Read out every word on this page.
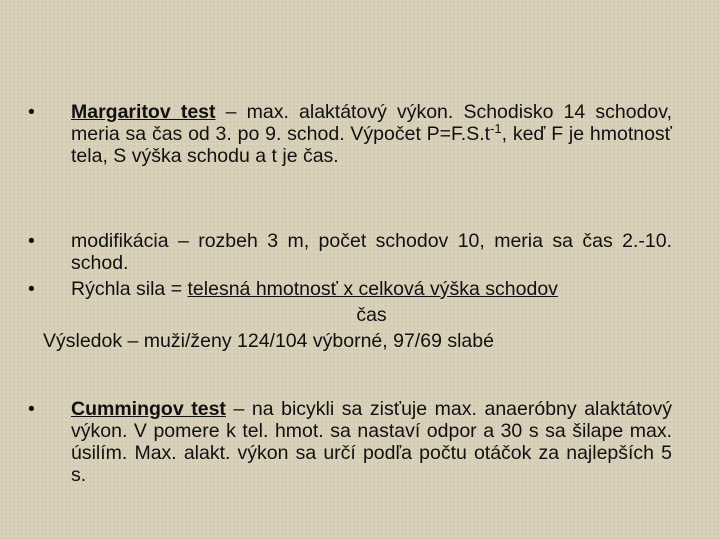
• Margaritov test – max. alaktátový výkon. Schodisko 14 schodov, meria sa čas od 3. po 9. schod. Výpočet $P=F.S.t^{-1}$, keď F je hmotnosť tela, S výška schodu a t je čas.
• modifikácia – rozbeh 3 m, počet schodov 10, meria sa čas 2.-10. schod.
• Rýchla sila = telesná hmotnosť x celková výška schodov
čas
Výsledok – muži/ženy 124/104 výborné, 97/69 slabé
• Cummingov test – na bicykli sa zisťuje max. anaeróbny alaktátový výkon. V pomere k tel. hmot. sa nastaví odpor a 30 s sa šilape max. úsilím. Max. alakt. výkon sa určí podľa počtu otáčok za najlepších 5 s.
